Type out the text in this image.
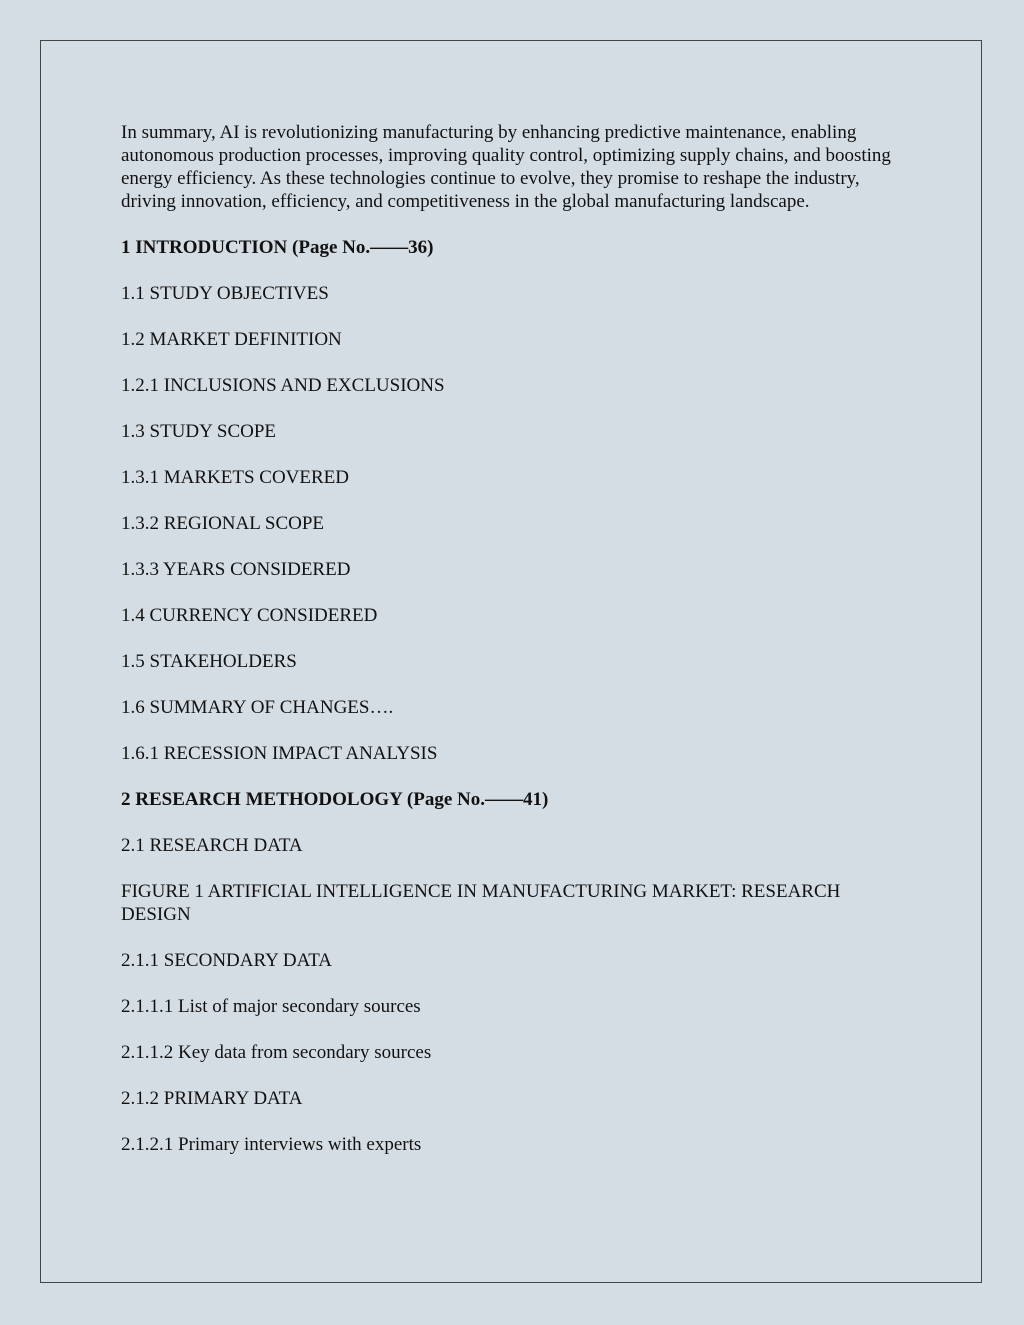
In summary, AI is revolutionizing manufacturing by enhancing predictive maintenance, enabling autonomous production processes, improving quality control, optimizing supply chains, and boosting energy efficiency. As these technologies continue to evolve, they promise to reshape the industry, driving innovation, efficiency, and competitiveness in the global manufacturing landscape.

1 INTRODUCTION (Page No.——36)
1.1 STUDY OBJECTIVES
1.2 MARKET DEFINITION
1.2.1 INCLUSIONS AND EXCLUSIONS
1.3 STUDY SCOPE
1.3.1 MARKETS COVERED
1.3.2 REGIONAL SCOPE
1.3.3 YEARS CONSIDERED
1.4 CURRENCY CONSIDERED
1.5 STAKEHOLDERS
1.6 SUMMARY OF CHANGES….
1.6.1 RECESSION IMPACT ANALYSIS
2 RESEARCH METHODOLOGY (Page No.——41)
2.1 RESEARCH DATA
FIGURE 1 ARTIFICIAL INTELLIGENCE IN MANUFACTURING MARKET: RESEARCH DESIGN
2.1.1 SECONDARY DATA
2.1.1.1 List of major secondary sources
2.1.1.2 Key data from secondary sources
2.1.2 PRIMARY DATA
2.1.2.1 Primary interviews with experts
